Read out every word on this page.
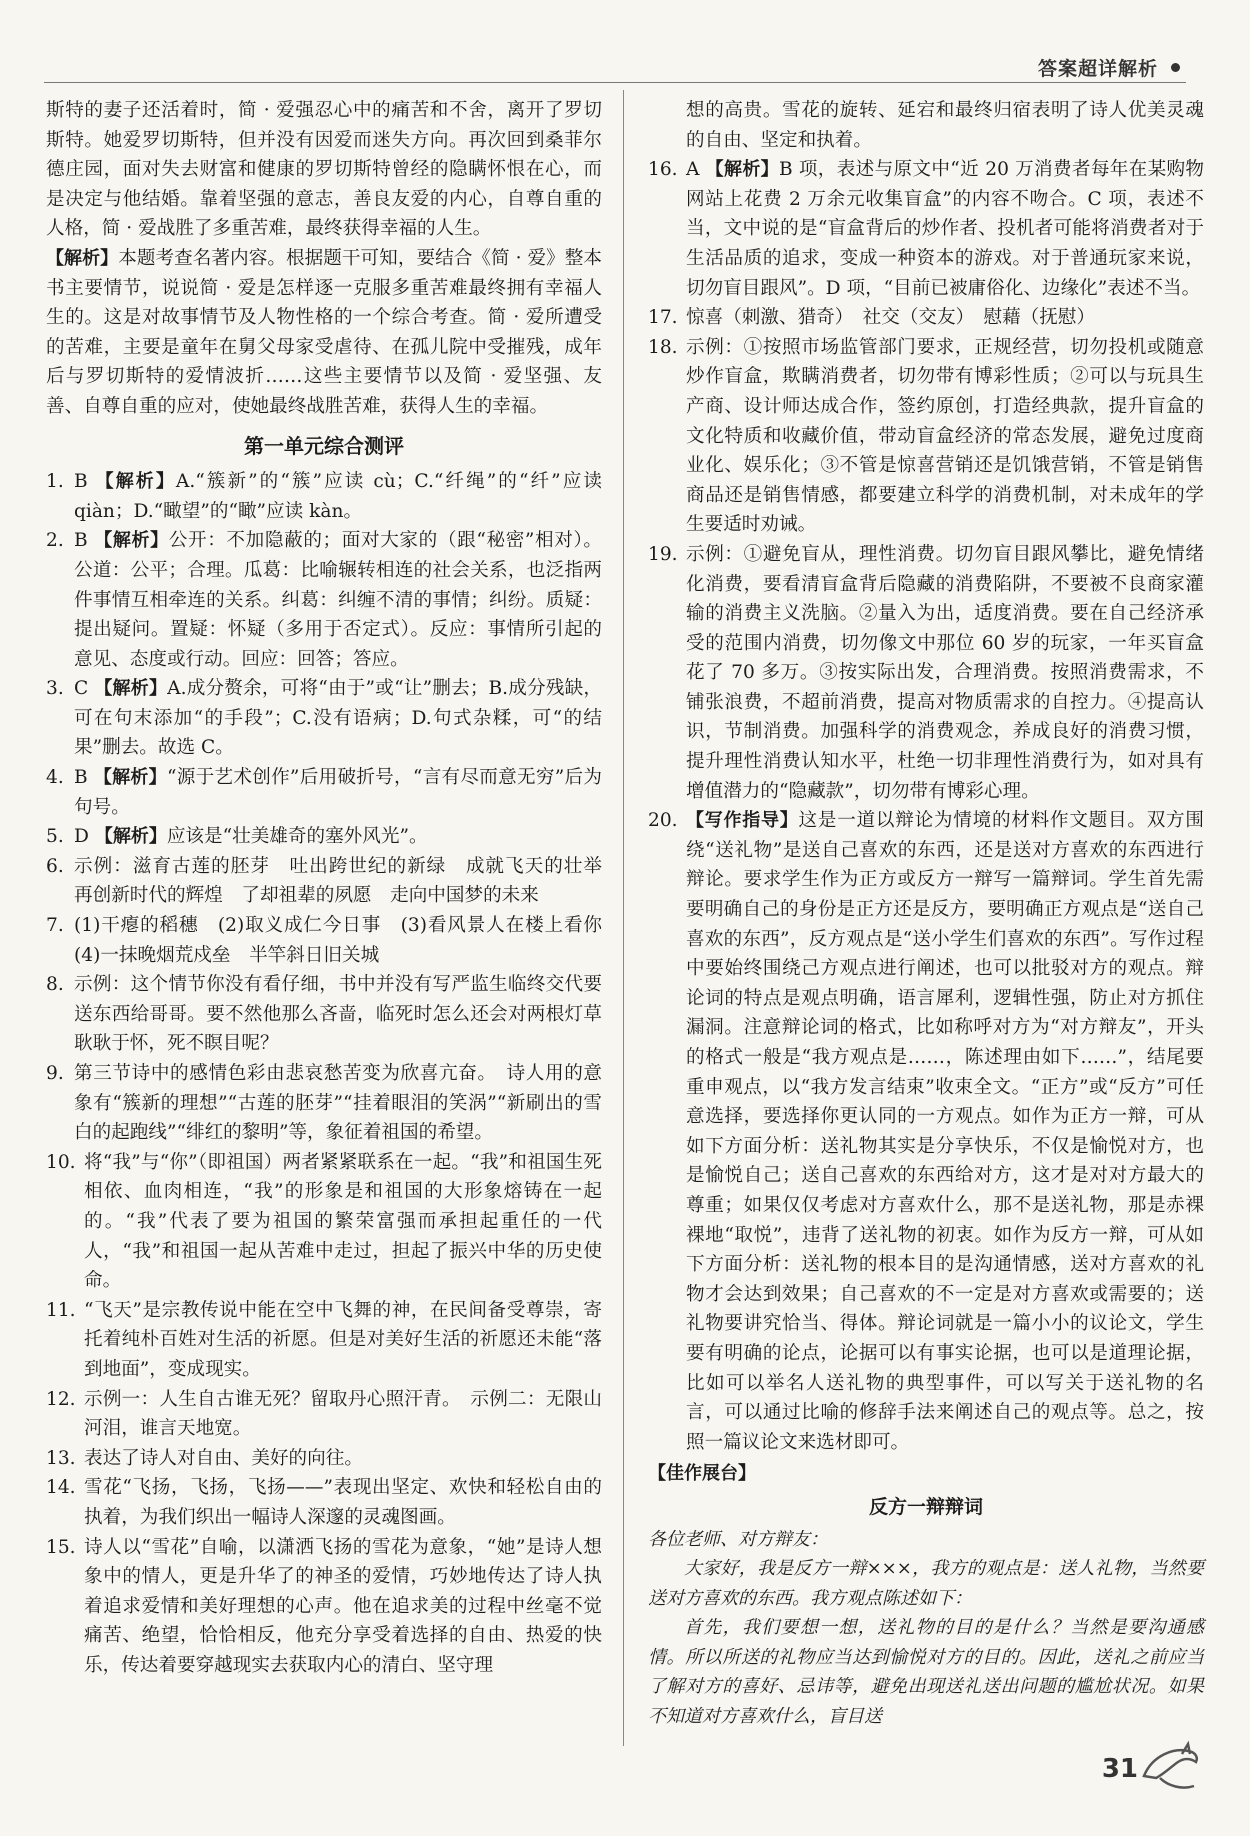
答案超详解析

斯特的妻子还活着时，简 · 爱强忍心中的痛苦和不舍，离开了罗切斯特。她爱罗切斯特，但并没有因爱而迷失方向。再次回到桑菲尔德庄园，面对失去财富和健康的罗切斯特曾经的隐瞒怀恨在心，而是决定与他结婚。靠着坚强的意志，善良友爱的内心，自尊自重的人格，简 · 爱战胜了多重苦难，最终获得幸福的人生。

【解析】本题考查名著内容。根据题干可知，要结合《简 · 爱》整本书主要情节，说说简 · 爱是怎样逐一克服多重苦难最终拥有幸福人生的。这是对故事情节及人物性格的一个综合考查。简 · 爱所遭受的苦难，主要是童年在舅父母家受虐待、在孤儿院中受摧残，成年后与罗切斯特的爱情波折……这些主要情节以及简 · 爱坚强、友善、自尊自重的应对，使她最终战胜苦难，获得人生的幸福。

第一单元综合测评
1. B 【解析】A.“簇新”的“簇”应读 cù；C.“纤绳”的“纤”应读 qiàn；D.“瞰望”的“瞰”应读 kàn。
2. B 【解析】公开：不加隐蔽的；面对大家的（跟“秘密”相对）。公道：公平；合理。瓜葛：比喻辗转相连的社会关系，也泛指两件事情互相牵连的关系。纠葛：纠缠不清的事情；纠纷。质疑：提出疑问。置疑：怀疑（多用于否定式）。反应：事情所引起的意见、态度或行动。回应：回答；答应。
3. C 【解析】A.成分赘余，可将“由于”或“让”删去；B.成分残缺，可在句末添加“的手段”；C.没有语病；D.句式杂糅，可“的结果”删去。故选 C。
4. B 【解析】“源于艺术创作”后用破折号，“言有尽而意无穷”后为句号。
5. D 【解析】应该是“壮美雄奇的塞外风光”。
6. 示例：滋育古莲的胚芽　吐出跨世纪的新绿　成就飞天的壮举　再创新时代的辉煌　了却祖辈的夙愿　走向中国梦的未来
7. (1)干瘪的稻穗　(2)取义成仁今日事　(3)看风景人在楼上看你　(4)一抹晚烟荒戍垒　半竿斜日旧关城
8. 示例：这个情节你没有看仔细，书中并没有写严监生临终交代要送东西给哥哥。要不然他那么吝啬，临死时怎么还会对两根灯草耿耿于怀，死不瞑目呢？
9. 第三节诗中的感情色彩由悲哀愁苦变为欣喜亢奋。　诗人用的意象有“簇新的理想”“古莲的胚芽”“挂着眼泪的笑涡”“新刷出的雪白的起跑线”“绯红的黎明”等，象征着祖国的希望。
10. 将“我”与“你”（即祖国）两者紧紧联系在一起。“我”和祖国生死相依、血肉相连，“我”的形象是和祖国的大形象熔铸在一起的。“我”代表了要为祖国的繁荣富强而承担起重任的一代人，“我”和祖国一起从苦难中走过，担起了振兴中华的历史使命。
11. “飞天”是宗教传说中能在空中飞舞的神，在民间备受尊崇，寄托着纯朴百姓对生活的祈愿。但是对美好生活的祈愿还未能“落到地面”，变成现实。
12. 示例一：人生自古谁无死？留取丹心照汗青。　示例二：无限山河泪，谁言天地宽。
13. 表达了诗人对自由、美好的向往。
14. 雪花“飞扬，飞扬，飞扬——”表现出坚定、欢快和轻松自由的执着，为我们织出一幅诗人深邃的灵魂图画。
15. 诗人以“雪花”自喻，以潇洒飞扬的雪花为意象，“她”是诗人想象中的情人，更是升华了的神圣的爱情，巧妙地传达了诗人执着追求爱情和美好理想的心声。他在追求美的过程中丝毫不觉痛苦、绝望，恰恰相反，他充分享受着选择的自由、热爱的快乐，传达着要穿越现实去获取内心的清白、坚守理

想的高贵。雪花的旋转、延宕和最终归宿表明了诗人优美灵魂的自由、坚定和执着。

16. A 【解析】B 项，表述与原文中“近 20 万消费者每年在某购物网站上花费 2 万余元收集盲盒”的内容不吻合。C 项，表述不当，文中说的是“盲盒背后的炒作者、投机者可能将消费者对于生活品质的追求，变成一种资本的游戏。对于普通玩家来说，切勿盲目跟风”。D 项，“目前已被庸俗化、边缘化”表述不当。
17. 惊喜（刺激、猎奇）　社交（交友）　慰藉（抚慰）
18. 示例：①按照市场监管部门要求，正规经营，切勿投机或随意炒作盲盒，欺瞒消费者，切勿带有博彩性质；②可以与玩具生产商、设计师达成合作，签约原创，打造经典款，提升盲盒的文化特质和收藏价值，带动盲盒经济的常态发展，避免过度商业化、娱乐化；③不管是惊喜营销还是饥饿营销，不管是销售商品还是销售情感，都要建立科学的消费机制，对未成年的学生要适时劝诫。
19. 示例：①避免盲从，理性消费。切勿盲目跟风攀比，避免情绪化消费，要看清盲盒背后隐藏的消费陷阱，不要被不良商家灌输的消费主义洗脑。②量入为出，适度消费。要在自己经济承受的范围内消费，切勿像文中那位 60 岁的玩家，一年买盲盒花了 70 多万。③按实际出发，合理消费。按照消费需求，不铺张浪费，不超前消费，提高对物质需求的自控力。④提高认识，节制消费。加强科学的消费观念，养成良好的消费习惯，提升理性消费认知水平，杜绝一切非理性消费行为，如对具有增值潜力的“隐藏款”，切勿带有博彩心理。
20. 【写作指导】这是一道以辩论为情境的材料作文题目。双方围绕“送礼物”是送自己喜欢的东西，还是送对方喜欢的东西进行辩论。要求学生作为正方或反方一辩写一篇辩词。学生首先需要明确自己的身份是正方还是反方，要明确正方观点是“送自己喜欢的东西”，反方观点是“送小学生们喜欢的东西”。写作过程中要始终围绕己方观点进行阐述，也可以批驳对方的观点。辩论词的特点是观点明确，语言犀利，逻辑性强，防止对方抓住漏洞。注意辩论词的格式，比如称呼对方为“对方辩友”，开头的格式一般是“我方观点是……，陈述理由如下……”，结尾要重申观点，以“我方发言结束”收束全文。“正方”或“反方”可任意选择，要选择你更认同的一方观点。如作为正方一辩，可从如下方面分析：送礼物其实是分享快乐，不仅是愉悦对方，也是愉悦自己；送自己喜欢的东西给对方，这才是对对方最大的尊重；如果仅仅考虑对方喜欢什么，那不是送礼物，那是赤裸裸地“取悦”，违背了送礼物的初衷。如作为反方一辩，可从如下方面分析：送礼物的根本目的是沟通情感，送对方喜欢的礼物才会达到效果；自己喜欢的不一定是对方喜欢或需要的；送礼物要讲究恰当、得体。辩论词就是一篇小小的议论文，学生要有明确的论点，论据可以有事实论据，也可以是道理论据，比如可以举名人送礼物的典型事件，可以写关于送礼物的名言，可以通过比喻的修辞手法来阐述自己的观点等。总之，按照一篇议论文来选材即可。
【佳作展台】
反方一辩辩词
各位老师、对方辩友：
大家好，我是反方一辩×××，我方的观点是：送人礼物，当然要送对方喜欢的东西。我方观点陈述如下：
首先，我们要想一想，送礼物的目的是什么？当然是要沟通感情。所以所送的礼物应当达到愉悦对方的目的。因此，送礼之前应当了解对方的喜好、忌讳等，避免出现送礼送出问题的尴尬状况。如果不知道对方喜欢什么，盲目送
31
